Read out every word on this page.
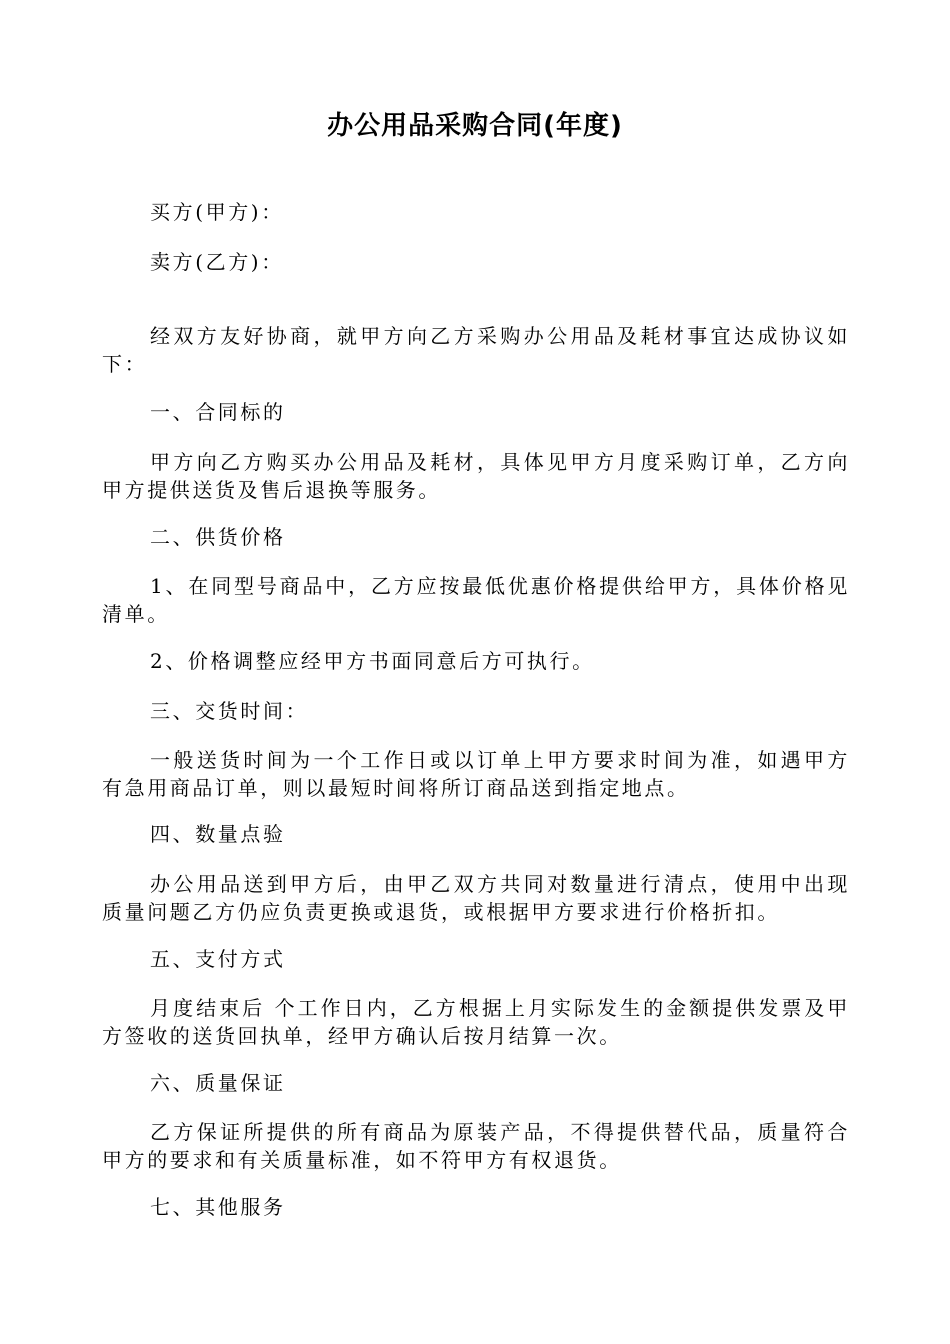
办公用品采购合同(年度)
买方(甲方)：
卖方(乙方)：
经双方友好协商，就甲方向乙方采购办公用品及耗材事宜达成协议如下：
一、合同标的
甲方向乙方购买办公用品及耗材，具体见甲方月度采购订单，乙方向甲方提供送货及售后退换等服务。
二、供货价格
1、在同型号商品中，乙方应按最低优惠价格提供给甲方，具体价格见清单。
2、价格调整应经甲方书面同意后方可执行。
三、交货时间：
一般送货时间为一个工作日或以订单上甲方要求时间为准，如遇甲方有急用商品订单，则以最短时间将所订商品送到指定地点。
四、数量点验
办公用品送到甲方后，由甲乙双方共同对数量进行清点，使用中出现质量问题乙方仍应负责更换或退货，或根据甲方要求进行价格折扣。
五、支付方式
月度结束后 个工作日内，乙方根据上月实际发生的金额提供发票及甲方签收的送货回执单，经甲方确认后按月结算一次。
六、质量保证
乙方保证所提供的所有商品为原装产品，不得提供替代品，质量符合甲方的要求和有关质量标准，如不符甲方有权退货。
七、其他服务
